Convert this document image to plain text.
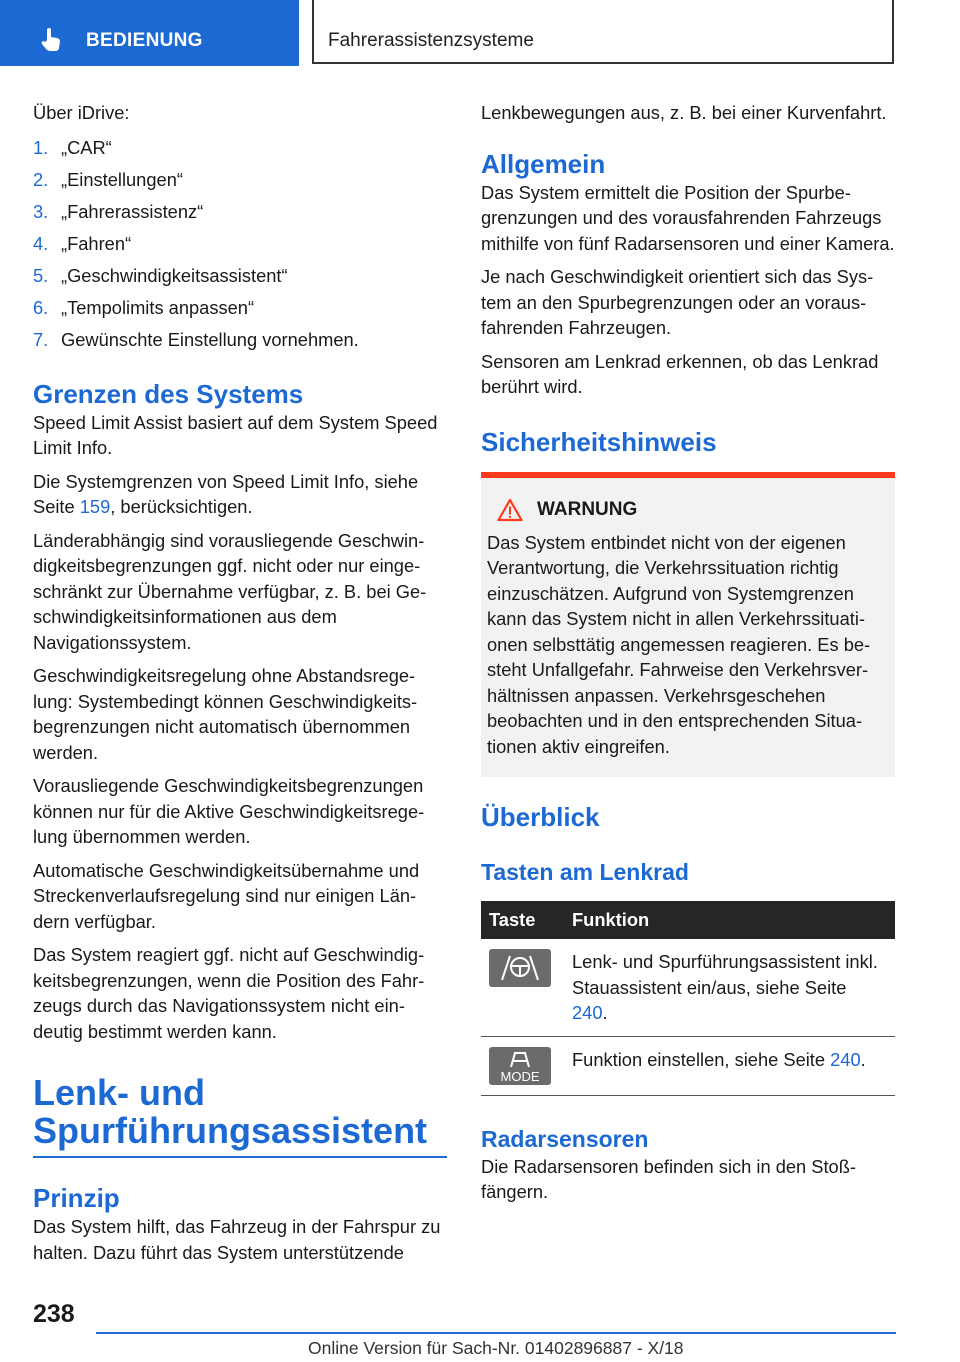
BEDIENUNG	Fahrerassistenzsysteme

Über iDrive:

1. „CAR“
2. „Einstellungen“
3. „Fahrerassistenz“
4. „Fahren“
5. „Geschwindigkeitsassistent“
6. „Tempolimits anpassen“
7. Gewünschte Einstellung vornehmen.
Grenzen des Systems

Speed Limit Assist basiert auf dem System Speed Limit Info.

Die Systemgrenzen von Speed Limit Info, siehe Seite 159, berücksichtigen.

Länderabhängig sind vorausliegende Geschwindigkeitsbegrenzungen ggf. nicht oder nur eingeschränkt zur Übernahme verfügbar, z. B. bei Geschwindigkeitsinformationen aus dem Navigationssystem.

Geschwindigkeitsregelung ohne Abstandsregelung: Systembedingt können Geschwindigkeitsbegrenzungen nicht automatisch übernommen werden.

Vorausliegende Geschwindigkeitsbegrenzungen können nur für die Aktive Geschwindigkeitsregelung übernommen werden.

Automatische Geschwindigkeitsübernahme und Streckenverlaufsregelung sind nur einigen Ländern verfügbar.

Das System reagiert ggf. nicht auf Geschwindigkeitsbegrenzungen, wenn die Position des Fahrzeugs durch das Navigationssystem nicht eindeutig bestimmt werden kann.

Lenk- und
Spurführungsassistent
Prinzip

Das System hilft, das Fahrzeug in der Fahrspur zu halten. Dazu führt das System unterstützende

Lenkbewegungen aus, z. B. bei einer Kurvenfahrt.

Allgemein

Das System ermittelt die Position der Spurbegrenzungen und des vorausfahrenden Fahrzeugs mithilfe von fünf Radarsensoren und einer Kamera.

Je nach Geschwindigkeit orientiert sich das System an den Spurbegrenzungen oder an vorausfahrenden Fahrzeugen.

Sensoren am Lenkrad erkennen, ob das Lenkrad berührt wird.

Sicherheitshinweis
WARNUNG
Das System entbindet nicht von der eigenen Verantwortung, die Verkehrssituation richtig einzuschätzen. Aufgrund von Systemgrenzen kann das System nicht in allen Verkehrssituationen selbsttätig angemessen reagieren. Es besteht Unfallgefahr. Fahrweise den Verkehrsverhältnissen anpassen. Verkehrsgeschehen beobachten und in den entsprechenden Situationen aktiv eingreifen.
Überblick
Tasten am Lenkrad
Taste	Funktion

	Lenk- und Spurführungsassistent inkl. Stauassistent ein/aus, siehe Seite 240.

MODE	Funktion einstellen, siehe Seite 240.
Radarsensoren

Die Radarsensoren befinden sich in den Stoßfängern.

238
Online Version für Sach-Nr. 01402896887 - X/18
